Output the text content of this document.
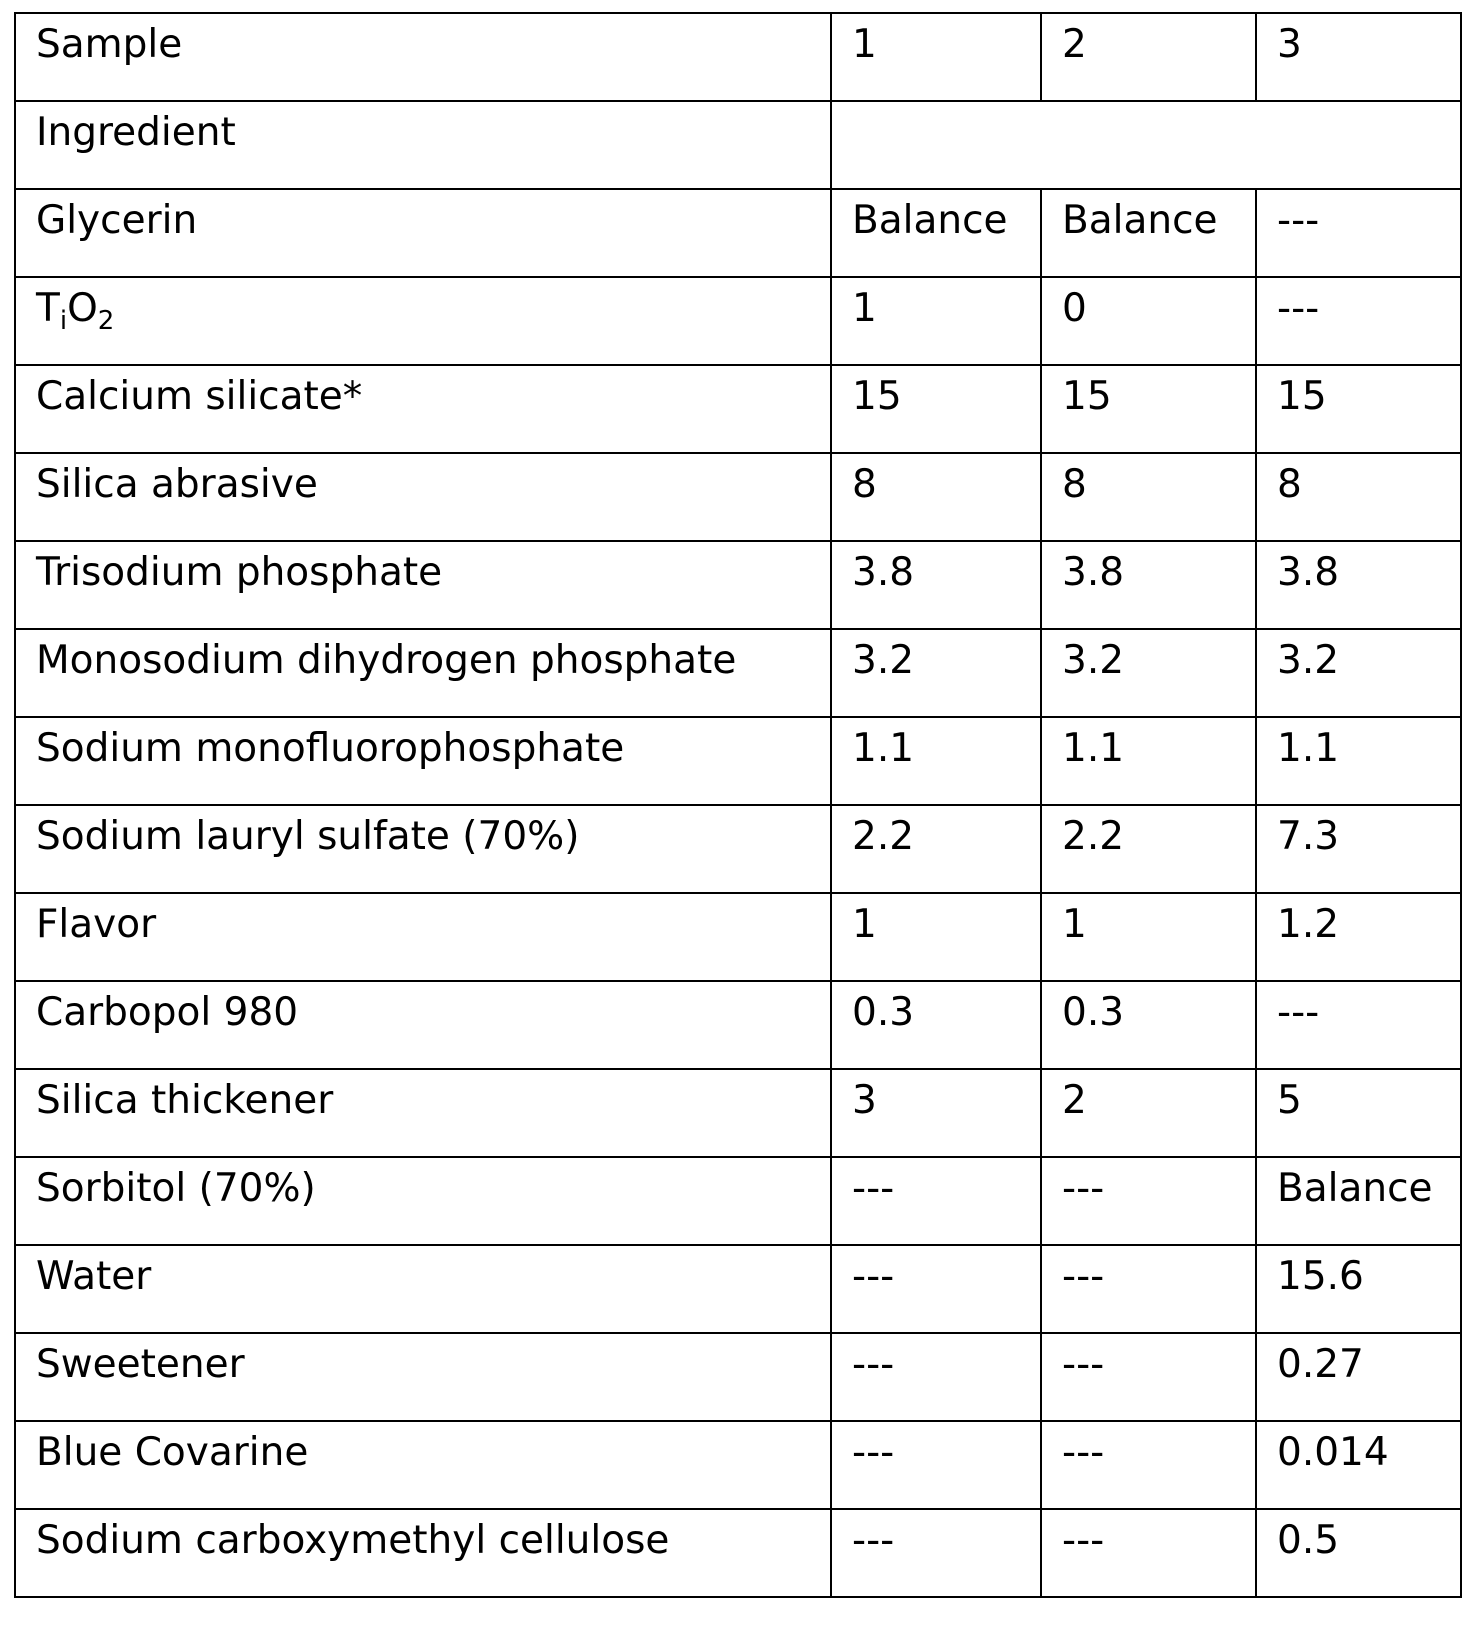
Sample	1	2	3
Ingredient	
Glycerin	Balance	Balance	---
TiO2	1	0	---
Calcium silicate*	15	15	15
Silica abrasive	8	8	8
Trisodium phosphate	3.8	3.8	3.8
Monosodium dihydrogen phosphate	3.2	3.2	3.2
Sodium monofluorophosphate	1.1	1.1	1.1
Sodium lauryl sulfate (70%)	2.2	2.2	7.3
Flavor	1	1	1.2
Carbopol 980	0.3	0.3	---
Silica thickener	3	2	5
Sorbitol (70%)	---	---	Balance
Water	---	---	15.6
Sweetener	---	---	0.27
Blue Covarine	---	---	0.014
Sodium carboxymethyl cellulose	---	---	0.5
